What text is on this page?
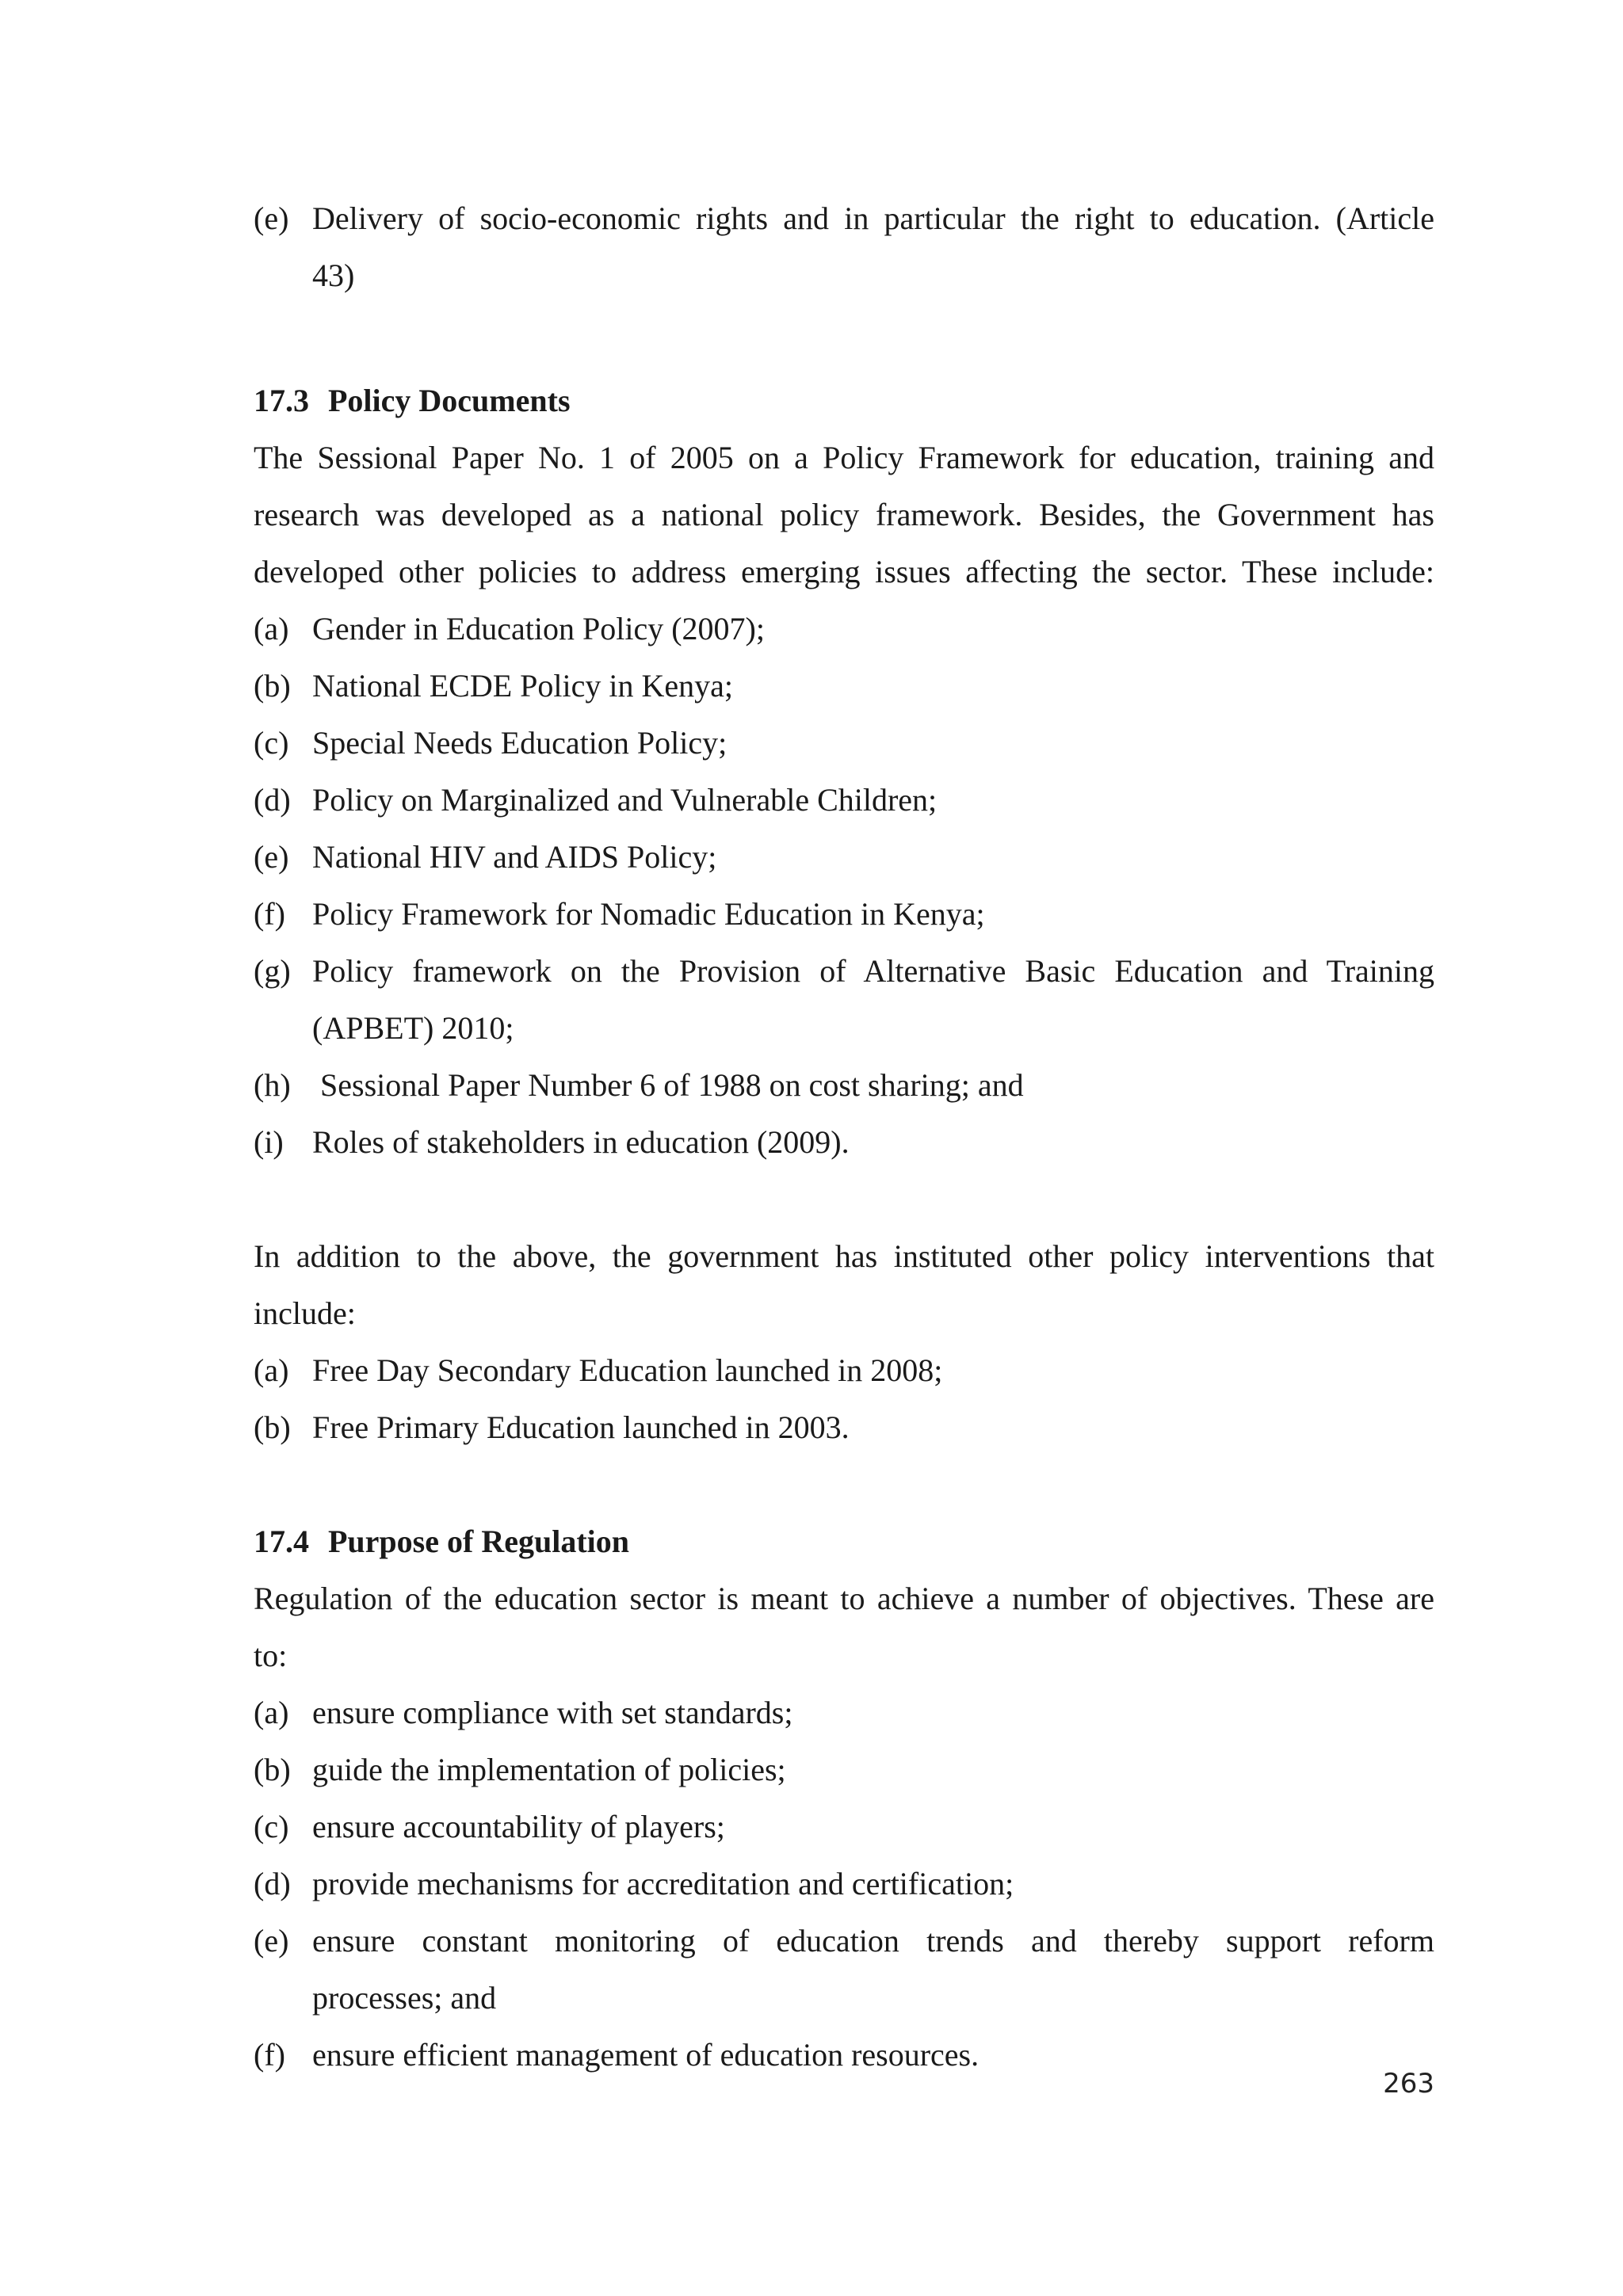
(e) Delivery of socio-economic rights and in particular the right to education. (Article

43)

17.3 Policy Documents

The Sessional Paper No. 1 of 2005 on a Policy Framework for education, training and

research was developed as a national policy framework. Besides, the Government has

developed other policies to address emerging issues affecting the sector. These include:

(a) Gender in Education Policy (2007);

(b) National ECDE Policy in Kenya;

(c) Special Needs Education Policy;

(d) Policy on Marginalized and Vulnerable Children;

(e) National HIV and AIDS Policy;

(f) Policy Framework for Nomadic Education in Kenya;

(g) Policy framework on the Provision of Alternative Basic Education and Training

(APBET) 2010;

(h) Sessional Paper Number 6 of 1988 on cost sharing; and

(i) Roles of stakeholders in education (2009).

In addition to the above, the government has instituted other policy interventions that

include:

(a) Free Day Secondary Education launched in 2008;

(b) Free Primary Education launched in 2003.

17.4 Purpose of Regulation

Regulation of the education sector is meant to achieve a number of objectives. These are

to:

(a) ensure compliance with set standards;

(b) guide the implementation of policies;

(c) ensure accountability of players;

(d) provide mechanisms for accreditation and certification;

(e) ensure constant monitoring of education trends and thereby support reform

processes; and

(f) ensure efficient management of education resources.

263
